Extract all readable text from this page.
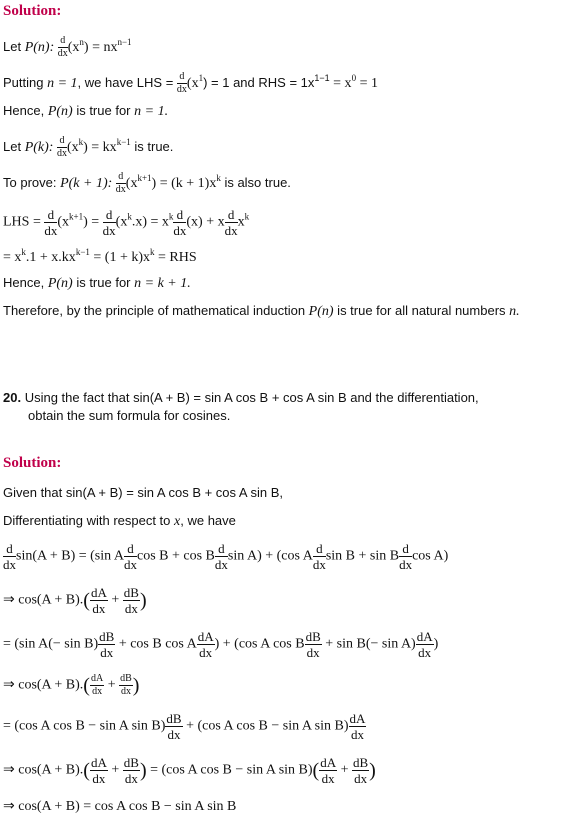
Solution:
Let P(n): $\frac{d}{dx} (x^n) = nx^{n-1}$
Putting n = 1, we have LHS = $\frac{d}{dx} (x^1) = 1$ and RHS = $1x^{1-1} = x^0 = 1$
Hence, P(n) is true for n = 1.
Let P(k): $\frac{d}{dx} (x^k) = kx^{k-1}$ is true.
To prove: P(k + 1): $\frac{d}{dx} (x^{k+1}) = (k + 1)x^k$ is also true.
LHS = $\frac{d}{dx} (x^{k+1}) = \frac{d}{dx} (x^k.x) = x^k \frac{d}{dx} (x) + x \frac{d}{dx} x^k$
= $x^k.1 + x.kx^{k-1} = (1 + k)x^k$ = RHS
Hence, P(n) is true for n = k + 1.
Therefore, by the principle of mathematical induction P(n) is true for all natural numbers n.
20. Using the fact that sin(A + B) = sin A cos B + cos A sin B and the differentiation,
obtain the sum formula for cosines.
Solution:
Given that sin(A + B) = sin A cos B + cos A sin B,
Differentiating with respect to x, we have
$\frac{d}{dx} \sin(A + B) = (\sin$ A $\frac{d}{dx}$ cos B + cos B $\frac{d}{dx}$ sin A) + (cos A $\frac{d}{dx}$ sin B + sin B $\frac{d}{dx}$ cos A)
⇒ $\cos(A + B).( \frac{dA}{dx} + \frac{dB}{dx}$ )
= (sin $A(- \sin B) \frac{dB}{dx} + \cos B$ cos A $\frac{dA}{dx}$ ) + (cos A cos B $\frac{dB}{dx} + \sin B(- \sin A) \frac{dA}{dx}$ )
⇒ $\cos(A + B).( \frac{dA}{dx} + \frac{dB}{dx}$ )
= (cos A cos B − sin A $\sin B) \frac{dB}{dx} + (\cos$ A cos B − sin A $\sin B) \frac{dA}{dx}$
⇒ $\cos(A + B).( \frac{dA}{dx} + \frac{dB}{dx}$ ) = (cos A cos B − sin A $\sin B)( \frac{dA}{dx} + \frac{dB}{dx}$ )
⇒ cos(A + B) = cos A cos B − sin A sin B
